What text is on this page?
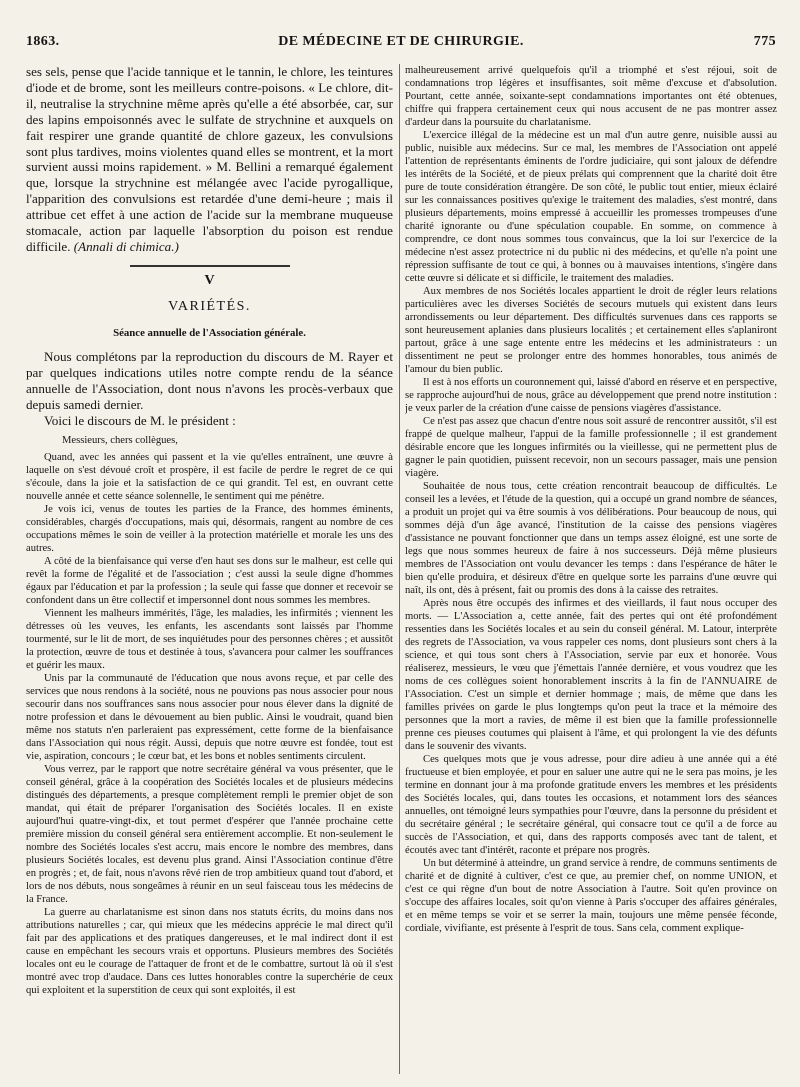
1863.	DE MÉDECINE ET DE CHIRURGIE.	775

ses sels, pense que l'acide tannique et le tannin, le chlore, les teintures d'iode et de brome, sont les meilleurs contre-poisons. « Le chlore, dit-il, neutralise la strychnine même après qu'elle a été absorbée, car, sur des lapins empoisonnés avec le sulfate de strychnine et auxquels on fait respirer une grande quantité de chlore gazeux, les convulsions sont plus tardives, moins violentes quand elles se montrent, et la mort survient aussi moins rapidement. » M. Bellini a remarqué également que, lorsque la strychnine est mélangée avec l'acide pyrogallique, l'apparition des convulsions est retardée d'une demi-heure ; mais il attribue cet effet à une action de l'acide sur la membrane muqueuse stomacale, action par laquelle l'absorption du poison est rendue difficile. (Annali di chimica.)

V
VARIÉTÉS.
Séance annuelle de l'Association générale.

Nous complétons par la reproduction du discours de M. Rayer et par quelques indications utiles notre compte rendu de la séance annuelle de l'Association, dont nous n'avons les procès-verbaux que depuis samedi dernier.

Voici le discours de M. le président :

Messieurs, chers collègues,

Quand, avec les années qui passent et la vie qu'elles entraînent, une œuvre à laquelle on s'est dévoué croît et prospère, il est facile de perdre le regret de ce qui s'écoule, dans la joie et la satisfaction de ce qui grandit. Tel est, en ouvrant cette nouvelle année et cette séance solennelle, le sentiment qui me pénètre.

Je vois ici, venus de toutes les parties de la France, des hommes éminents, considérables, chargés d'occupations, mais qui, désormais, rangent au nombre de ces occupations mêmes le soin de veiller à la protection matérielle et morale les uns des autres.

A côté de la bienfaisance qui verse d'en haut ses dons sur le malheur, est celle qui revêt la forme de l'égalité et de l'association ; c'est aussi la seule digne d'hommes égaux par l'éducation et par la profession ; la seule qui fasse que donner et recevoir se confondent dans un être collectif et impersonnel dont nous sommes les membres.

Viennent les malheurs immérités, l'âge, les maladies, les infirmités ; viennent les détresses où les veuves, les enfants, les ascendants sont laissés par l'homme tourmenté, sur le lit de mort, de ses inquiétudes pour des personnes chères ; et aussitôt la protection, œuvre de tous et destinée à tous, s'avancera pour calmer les souffrances et guérir les maux.

Unis par la communauté de l'éducation que nous avons reçue, et par celle des services que nous rendons à la société, nous ne pouvions pas nous associer pour nous secourir dans nos souffrances sans nous associer pour nous élever dans la dignité de notre profession et dans le dévouement au bien public. Ainsi le voudrait, quand bien même nos statuts n'en parleraient pas expressément, cette forme de la bienfaisance dans l'Association qui nous régit. Aussi, depuis que notre œuvre est fondée, tout est vie, aspiration, concours ; le cœur bat, et les bons et nobles sentiments circulent.

Vous verrez, par le rapport que notre secrétaire général va vous présenter, que le conseil général, grâce à la coopération des Sociétés locales et de plusieurs médecins distingués des départements, a presque complètement rempli le premier objet de son mandat, qui était de préparer l'organisation des Sociétés locales. Il en existe aujourd'hui quatre-vingt-dix, et tout permet d'espérer que l'année prochaine cette première mission du conseil général sera entièrement accomplie. Et non-seulement le nombre des Sociétés locales s'est accru, mais encore le nombre des membres, dans plusieurs Sociétés locales, est devenu plus grand. Ainsi l'Association continue d'être en progrès ; et, de fait, nous n'avons rêvé rien de trop ambitieux quand tout d'abord, et lors de nos débuts, nous songeâmes à réunir en un seul faisceau tous les médecins de la France.

La guerre au charlatanisme est sinon dans nos statuts écrits, du moins dans nos attributions naturelles ; car, qui mieux que les médecins apprécie le mal direct qu'il fait par des applications et des pratiques dangereuses, et le mal indirect dont il est cause en empêchant les secours vrais et opportuns. Plusieurs membres des Sociétés locales ont eu le courage de l'attaquer de front et de le combattre, surtout là où il s'est montré avec trop d'audace. Dans ces luttes honorables contre la superchérie de ceux qui exploitent et la superstition de ceux qui sont exploités, il est

malheureusement arrivé quelquefois qu'il a triomphé et s'est réjoui, soit de condamnations trop légères et insuffisantes, soit même d'excuse et d'absolution. Pourtant, cette année, soixante-sept condamnations importantes ont été obtenues, chiffre qui frappera certainement ceux qui nous accusent de ne pas montrer assez d'ardeur dans la poursuite du charlatanisme.

L'exercice illégal de la médecine est un mal d'un autre genre, nuisible aussi au public, nuisible aux médecins. Sur ce mal, les membres de l'Association ont appelé l'attention de représentants éminents de l'ordre judiciaire, qui sont jaloux de défendre les intérêts de la Société, et de pieux prélats qui comprennent que la charité doit être pure de toute considération étrangère. De son côté, le public tout entier, mieux éclairé sur les connaissances positives qu'exige le traitement des maladies, s'est montré, dans plusieurs départements, moins empressé à accueillir les promesses trompeuses d'une charité ignorante ou d'une spéculation coupable. En somme, on commence à comprendre, ce dont nous sommes tous convaincus, que la loi sur l'exercice de la médecine n'est assez protectrice ni du public ni des médecins, et qu'elle n'a point une répression suffisante de tout ce qui, à bonnes ou à mauvaises intentions, s'ingère dans cette œuvre si délicate et si difficile, le traitement des maladies.

Aux membres de nos Sociétés locales appartient le droit de régler leurs relations particulières avec les diverses Sociétés de secours mutuels qui existent dans leurs arrondissements ou leur département. Des difficultés survenues dans ces rapports se sont heureusement aplanies dans plusieurs localités ; et certainement elles s'aplaniront partout, grâce à une sage entente entre les médecins et les administrateurs : un dissentiment ne peut se prolonger entre des hommes honorables, tous animés de l'amour du bien public.

Il est à nos efforts un couronnement qui, laissé d'abord en réserve et en perspective, se rapproche aujourd'hui de nous, grâce au développement que prend notre institution : je veux parler de la création d'une caisse de pensions viagères d'assistance.

Ce n'est pas assez que chacun d'entre nous soit assuré de rencontrer aussitôt, s'il est frappé de quelque malheur, l'appui de la famille professionnelle ; il est grandement désirable encore que les longues infirmités ou la vieillesse, qui ne permettent plus de gagner le pain quotidien, puissent recevoir, non un secours passager, mais une pension viagère.

Souhaitée de nous tous, cette création rencontrait beaucoup de difficultés. Le conseil les a levées, et l'étude de la question, qui a occupé un grand nombre de séances, a produit un projet qui va être soumis à vos délibérations. Pour beaucoup de nous, qui sommes déjà d'un âge avancé, l'institution de la caisse des pensions viagères d'assistance ne pouvant fonctionner que dans un temps assez éloigné, est une sorte de legs que nous sommes heureux de faire à nos successeurs. Déjà même plusieurs membres de l'Association ont voulu devancer les temps : dans l'espérance de hâter le bien qu'elle produira, et désireux d'être en quelque sorte les parrains d'une œuvre qui naît, ils ont, dès à présent, fait ou promis des dons à la caisse des retraites.

Après nous être occupés des infirmes et des vieillards, il faut nous occuper des morts. — L'Association a, cette année, fait des pertes qui ont été profondément ressenties dans les Sociétés locales et au sein du conseil général. M. Latour, interprète des regrets de l'Association, va vous rappeler ces noms, dont plusieurs sont chers à la science, et qui tous sont chers à l'Association, servie par eux et honorée. Vous réaliserez, messieurs, le vœu que j'émettais l'année dernière, et vous voudrez que les noms de ces collègues soient honorablement inscrits à la fin de l'ANNUAIRE de l'Association. C'est un simple et dernier hommage ; mais, de même que dans les familles privées on garde le plus longtemps qu'on peut la trace et la mémoire des personnes que la mort a ravies, de même il est bien que la famille professionnelle prenne ces pieuses coutumes qui plaisent à l'âme, et qui prolongent la vie des défunts dans le souvenir des vivants.

Ces quelques mots que je vous adresse, pour dire adieu à une année qui a été fructueuse et bien employée, et pour en saluer une autre qui ne le sera pas moins, je les termine en donnant jour à ma profonde gratitude envers les membres et les présidents des Sociétés locales, qui, dans toutes les occasions, et notamment lors des séances annuelles, ont témoigné leurs sympathies pour l'œuvre, dans la personne du président et du secrétaire général ; le secrétaire général, qui consacre tout ce qu'il a de force au succès de l'Association, et qui, dans des rapports composés avec tant de talent, et écoutés avec tant d'intérêt, raconte et prépare nos progrès.

Un but déterminé à atteindre, un grand service à rendre, de communs sentiments de charité et de dignité à cultiver, c'est ce que, au premier chef, on nomme UNION, et c'est ce qui règne d'un bout de notre Association à l'autre. Soit qu'en province on s'occupe des affaires locales, soit qu'on vienne à Paris s'occuper des affaires générales, et en même temps se voir et se serrer la main, toujours une même pensée féconde, cordiale, vivifiante, est présente à l'esprit de tous. Sans cela, comment explique-
